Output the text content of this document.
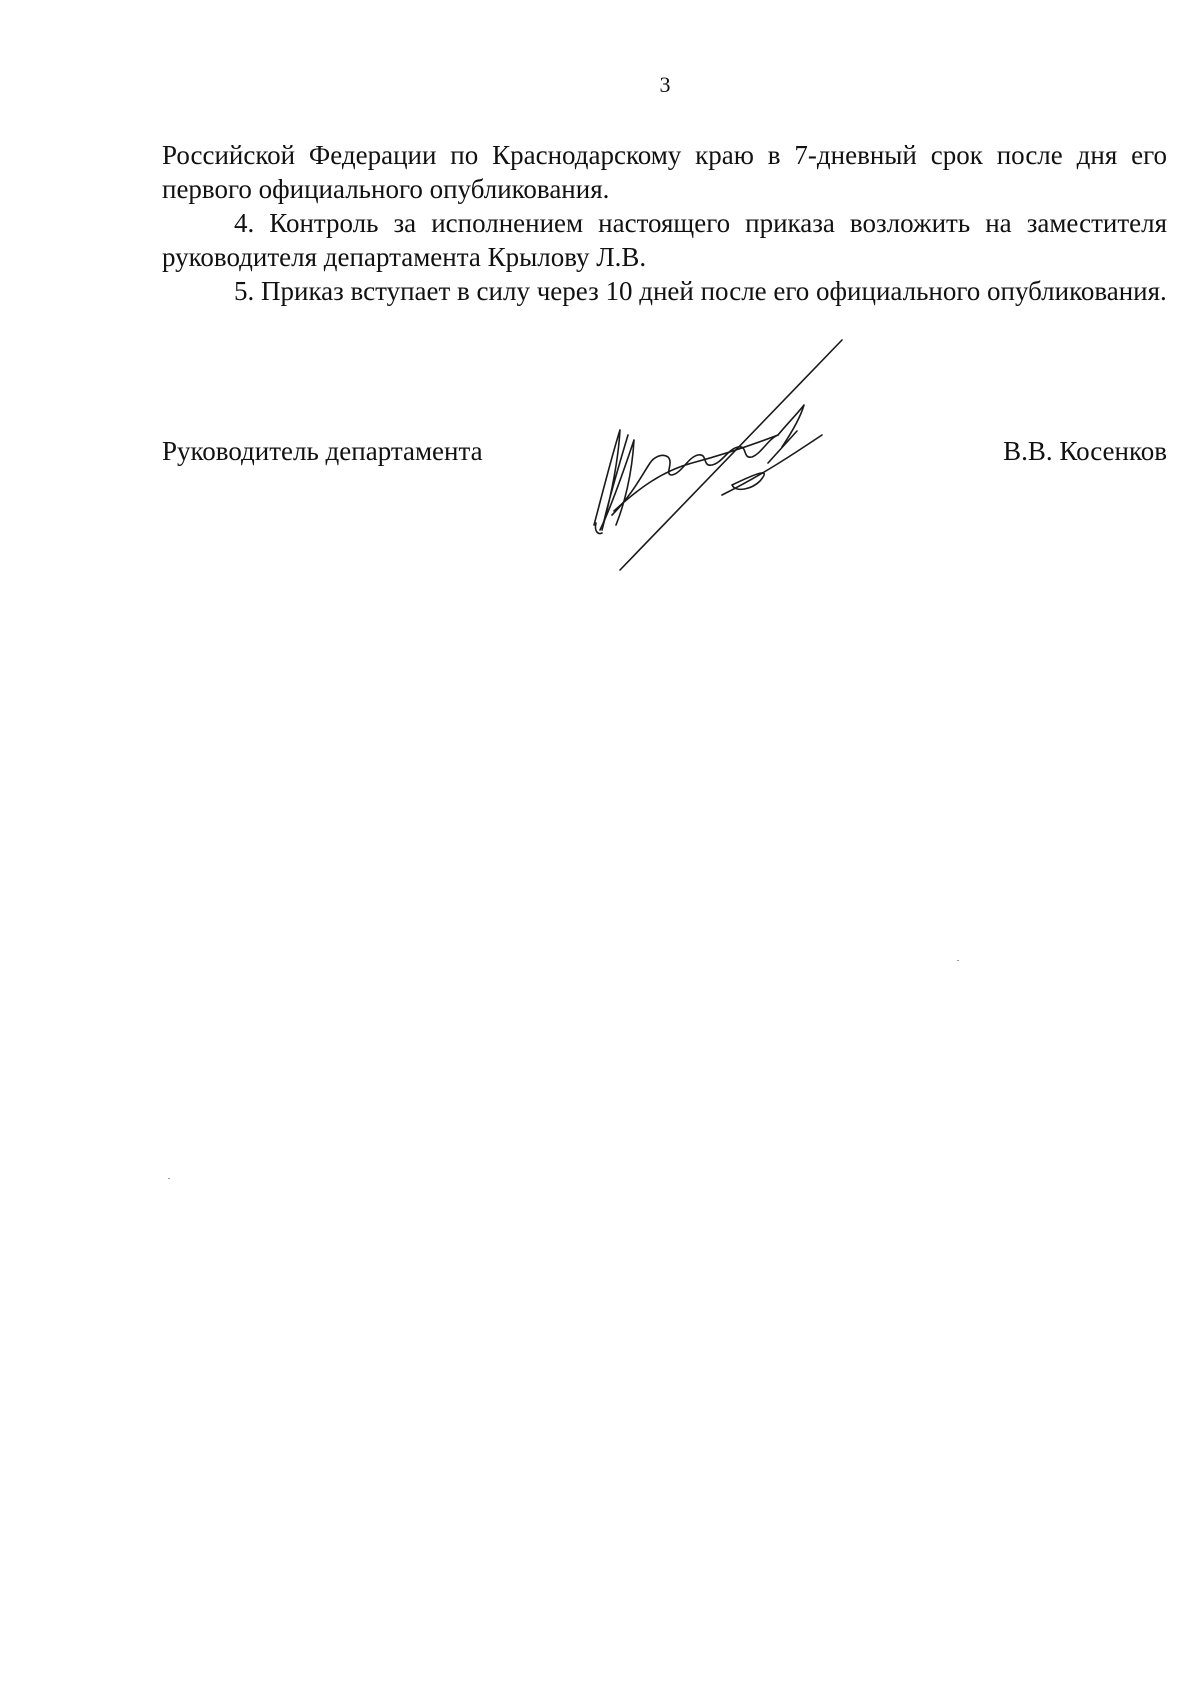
3

Российской Федерации по Краснодарскому краю в 7-дневный срок после дня его первого официального опубликования.

4. Контроль за исполнением настоящего приказа возложить на заместителя руководителя департамента Крылову Л.В.

5. Приказ вступает в силу через 10 дней после его официального опубликования.

Руководитель департамента	В.В. Косенков
